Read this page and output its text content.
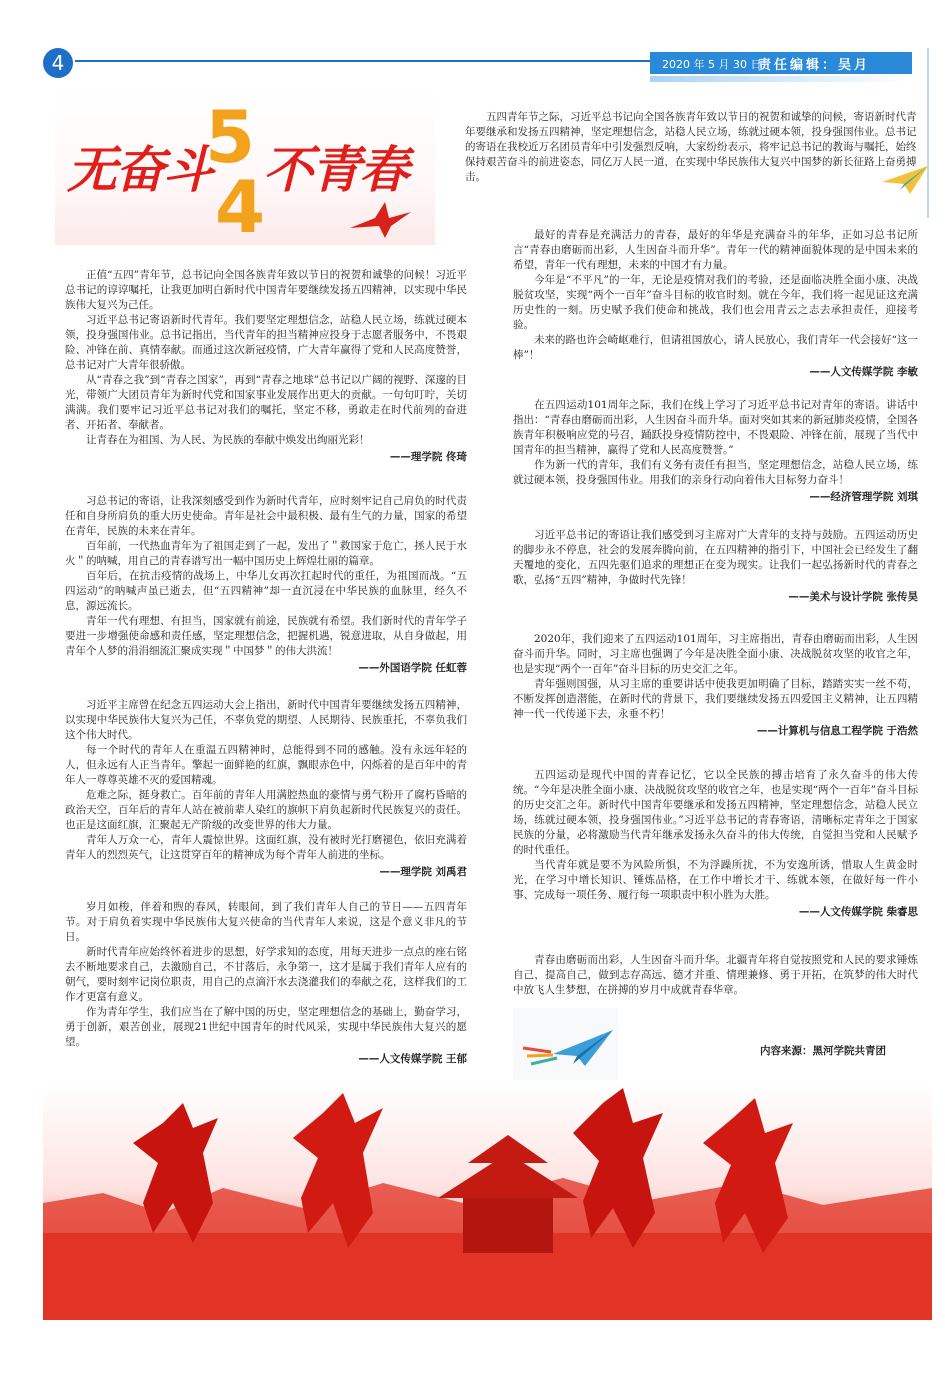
4	2020 年 5 月 30 日
责任编辑：吴月
5
4
无奋斗 不青春

五四青年节之际，习近平总书记向全国各族青年致以节日的祝贺和诚挚的问候，寄语新时代青年要继承和发扬五四精神，坚定理想信念，站稳人民立场，练就过硬本领，投身强国伟业。总书记的寄语在我校近万名团员青年中引发强烈反响，大家纷纷表示，将牢记总书记的教诲与嘱托，始终保持艰苦奋斗的前进姿态，同亿万人民一道，在实现中华民族伟大复兴中国梦的新长征路上奋勇搏击。

正值“五四”青年节，总书记向全国各族青年致以节日的祝贺和诚挚的问候！习近平总书记的谆谆嘱托，让我更加明白新时代中国青年要继续发扬五四精神，以实现中华民族伟大复兴为己任。

习近平总书记寄语新时代青年。我们要坚定理想信念，站稳人民立场，练就过硬本领，投身强国伟业。总书记指出，当代青年的担当精神应投身于志愿者服务中，不畏艰险、冲锋在前、真情奉献。而通过这次新冠疫情，广大青年赢得了党和人民高度赞誉，总书记对广大青年很骄傲。

从“青春之我”到“青春之国家”，再到“青春之地球”总书记以广阔的视野、深邃的目光，带领广大团员青年为新时代党和国家事业发展作出更大的贡献。一句句叮咛，关切满满。我们要牢记习近平总书记对我们的嘱托，坚定不移，勇敢走在时代前列的奋进者、开拓者、奉献者。

让青春在为祖国、为人民、为民族的奉献中焕发出绚丽光彩！

——理学院 佟琦

习总书记的寄语，让我深刻感受到作为新时代青年，应时刻牢记自己肩负的时代责任和自身所肩负的重大历史使命。青年是社会中最积极、最有生气的力量，国家的希望在青年，民族的未来在青年。

百年前，一代热血青年为了祖国走到了一起，发出了＂救国家于危亡，拯人民于水火＂的呐喊，用自己的青春谱写出一幅中国历史上辉煌壮丽的篇章。

百年后，在抗击疫情的战场上，中华儿女再次扛起时代的重任，为祖国而战。“五四运动”的呐喊声虽已逝去，但“五四精神”却一直沉浸在中华民族的血脉里，经久不息，源远流长。

青年一代有理想、有担当，国家就有前途，民族就有希望。我们新时代的青年学子要进一步增强使命感和责任感，坚定理想信念，把握机遇，锐意进取，从自身做起，用青年个人梦的涓涓细流汇聚成实现＂中国梦＂的伟大洪流！

——外国语学院 任虹蓉

习近平主席曾在纪念五四运动大会上指出，新时代中国青年要继续发扬五四精神，以实现中华民族伟大复兴为己任，不辜负党的期望、人民期待、民族重托，不辜负我们这个伟大时代。

每一个时代的青年人在重温五四精神时，总能得到不同的感触。没有永远年轻的人，但永远有人正当青年。擎起一面鲜艳的红旗，飘眼赤色中，闪烁着的是百年中的青年人一尊尊英雄不灭的爱国精魂。

危难之际，挺身救亡。百年前的青年人用满腔热血的豪情与勇气粉开了腐朽昏暗的政治天空，百年后的青年人站在被前辈人染红的旗帜下肩负起新时代民族复兴的责任。也正是这面红旗，汇聚起无产阶级的改变世界的伟大力量。

青年人万众一心，青年人震惊世界。这面红旗，没有被时光打磨褪色，依旧充满着青年人的烈烈英气，让这贯穿百年的精神成为每个青年人前进的坐标。

——理学院 刘禹君

岁月如梭，伴着和煦的春风，转眼间，到了我们青年人自己的节日——五四青年节。对于肩负着实现中华民族伟大复兴使命的当代青年人来说，这是个意义非凡的节日。

新时代青年应始终怀着进步的思想，好学求知的态度，用每天进步一点点的座右铭去不断地要求自己，去激励自己，不甘落后，永争第一，这才是属于我们青年人应有的朝气，要时刻牢记岗位职责，用自己的点滴汗水去浇灌我们的奉献之花，这样我们的工作才更富有意义。

作为青年学生，我们应当在了解中国的历史，坚定理想信念的基础上，勤奋学习，勇于创新，艰苦创业，展现21世纪中国青年的时代风采，实现中华民族伟大复兴的愿望。

——人文传媒学院 王郁

最好的青春是充满活力的青春，最好的年华是充满奋斗的年华，正如习总书记所言“青春由磨砺而出彩，人生因奋斗而升华”。青年一代的精神面貌体现的是中国未来的希望，青年一代有理想，未来的中国才有力量。

今年是“不平凡”的一年，无论是疫情对我们的考验，还是面临决胜全面小康、决战脱贫攻坚，实现“两个一百年”奋斗目标的收官时刻。就在今年，我们将一起见证这充满历史性的一刻。历史赋予我们使命和挑战，我们也会用青云之志去承担责任，迎接考验。

未来的路也许会崎岖难行，但请祖国放心，请人民放心，我们青年一代会接好“这一棒”！

——人文传媒学院 李敏

在五四运动101周年之际，我们在线上学习了习近平总书记对青年的寄语。讲话中指出：“青春由磨砺而出彩，人生因奋斗而升华。面对突如其来的新冠肺炎疫情，全国各族青年积极响应党的号召，踊跃投身疫情防控中，不畏艰险、冲锋在前，展现了当代中国青年的担当精神，赢得了党和人民高度赞誉。”

作为新一代的青年，我们有义务有责任有担当，坚定理想信念，站稳人民立场，练就过硬本领，投身强国伟业。用我们的亲身行动向着伟大目标努力奋斗！

——经济管理学院 刘琪

习近平总书记的寄语让我们感受到习主席对广大青年的支持与鼓励。五四运动历史的脚步永不停息，社会的发展奔腾向前，在五四精神的指引下，中国社会已经发生了翻天覆地的变化，五四先驱们追求的理想正在变为现实。让我们一起弘扬新时代的青春之歌，弘扬“五四”精神，争做时代先锋！

——美术与设计学院 张传昊

2020年，我们迎来了五四运动101周年，习主席指出，青春由磨砺而出彩，人生因奋斗而升华。同时，习主席也强调了今年是决胜全面小康、决战脱贫攻坚的收官之年，也是实现“两个一百年”奋斗目标的历史交汇之年。

青年强则国强，从习主席的重要讲话中使我更加明确了目标，踏踏实实一丝不苟，不断发挥创造潜能，在新时代的背景下，我们要继续发扬五四爱国主义精神，让五四精神一代一代传递下去，永垂不朽！

——计算机与信息工程学院 于浩然

五四运动是现代中国的青春记忆，它以全民族的搏击培育了永久奋斗的伟大传统。“今年是决胜全面小康、决战脱贫攻坚的收官之年，也是实现“两个一百年”奋斗目标的历史交汇之年。新时代中国青年要继承和发扬五四精神，坚定理想信念，站稳人民立场，练就过硬本领，投身强国伟业。”习近平总书记的青春寄语，清晰标定青年之于国家民族的分量，必将激励当代青年继承发扬永久奋斗的伟大传统，自觉担当党和人民赋予的时代重任。

当代青年就是要不为风险所惧，不为浮躁所扰，不为安逸所诱，惜取人生黄金时光，在学习中增长知识、锤炼品格，在工作中增长才干、练就本领，在做好每一件小事、完成每一项任务、履行每一项职责中积小胜为大胜。

——人文传媒学院 柴睿思

青春由磨砺而出彩，人生因奋斗而升华。北疆青年将自觉按照党和人民的要求锤炼自己，提高自己，做到志存高远、德才并重、情理兼修、勇于开拓，在筑梦的伟大时代中放飞人生梦想，在拼搏的岁月中成就青春华章。

内容来源：黑河学院共青团
